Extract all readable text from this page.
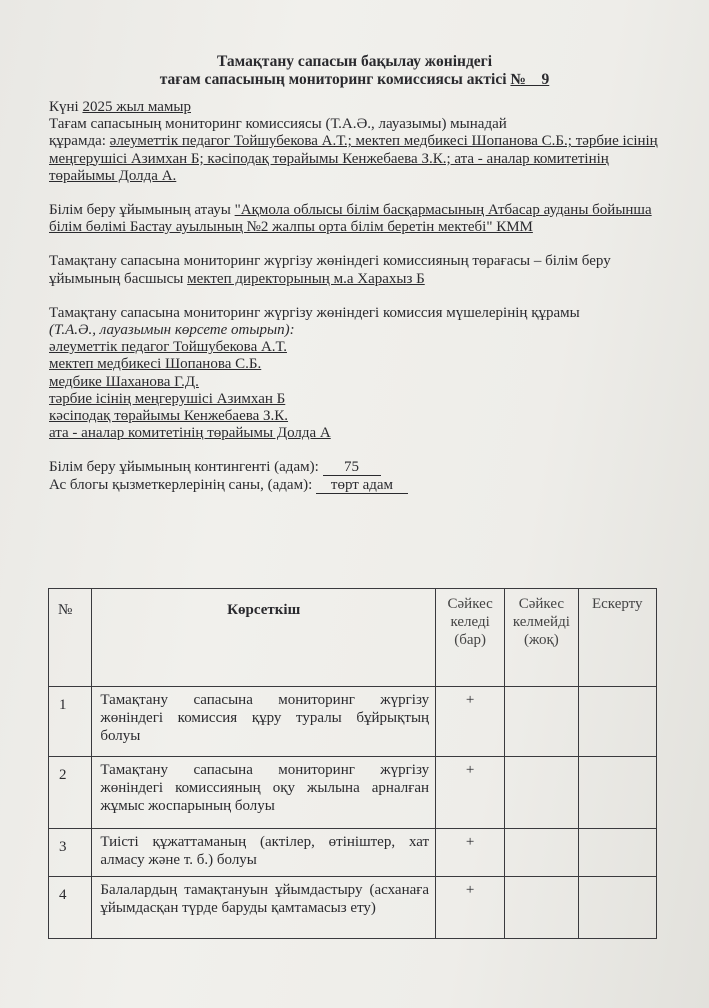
Тамақтану сапасын бақылау жөніндегі
тағам сапасының мониторинг комиссиясы актісі №    9

Күні 2025 жыл мамыр

Тағам сапасының мониторинг комиссиясы (Т.А.Ә., лауазымы) мынадай

құрамда: әлеуметтік педагог Тойшубекова А.Т.; мектеп медбикесі Шопанова С.Б.; тәрбие ісінің меңгерушісі Азимхан Б; кәсіподақ төрайымы Кенжебаева З.К.; ата - аналар комитетінің төрайымы Долда А.

Білім беру ұйымының атауы "Ақмола облысы білім басқармасының Атбасар ауданы бойынша білім бөлімі Бастау ауылының №2 жалпы орта білім беретін мектебі" КММ

Тамақтану сапасына мониторинг жүргізу жөніндегі комиссияның төрағасы – білім беру ұйымының басшысы мектеп директорының м.а Харахыз Б

Тамақтану сапасына мониторинг жүргізу жөніндегі комиссия мүшелерінің құрамы

(Т.А.Ә., лауазымын көрсете отырып):

әлеуметтік педагог Тойшубекова А.Т.

мектеп медбикесі Шопанова С.Б.

медбике Шаханова Г.Д.

тәрбие ісінің меңгерушісі Азимхан Б

кәсіподақ төрайымы Кенжебаева З.К.

ата - аналар комитетінің төрайымы Долда А

Білім беру ұйымының контингенті (адам): 75

Ас блогы қызметкерлерінің саны, (адам): төрт адам

№	Көрсеткіш	Сәйкес келеді (бар)	Сәйкес келмейді (жоқ)	Ескерту
1	Тамақтану сапасына мониторинг жүргізу жөніндегі комиссия құру туралы бұйрықтың болуы	+		
2	Тамақтану сапасына мониторинг жүргізу жөніндегі комиссияның оқу жылына арналған жұмыс жоспарының болуы	+		
3	Тиісті құжаттаманың (актілер, өтініштер, хат алмасу және т. б.) болуы	+		
4	Балалардың тамақтануын ұйымдастыру (асханаға ұйымдасқан түрде баруды қамтамасыз ету)	+		
